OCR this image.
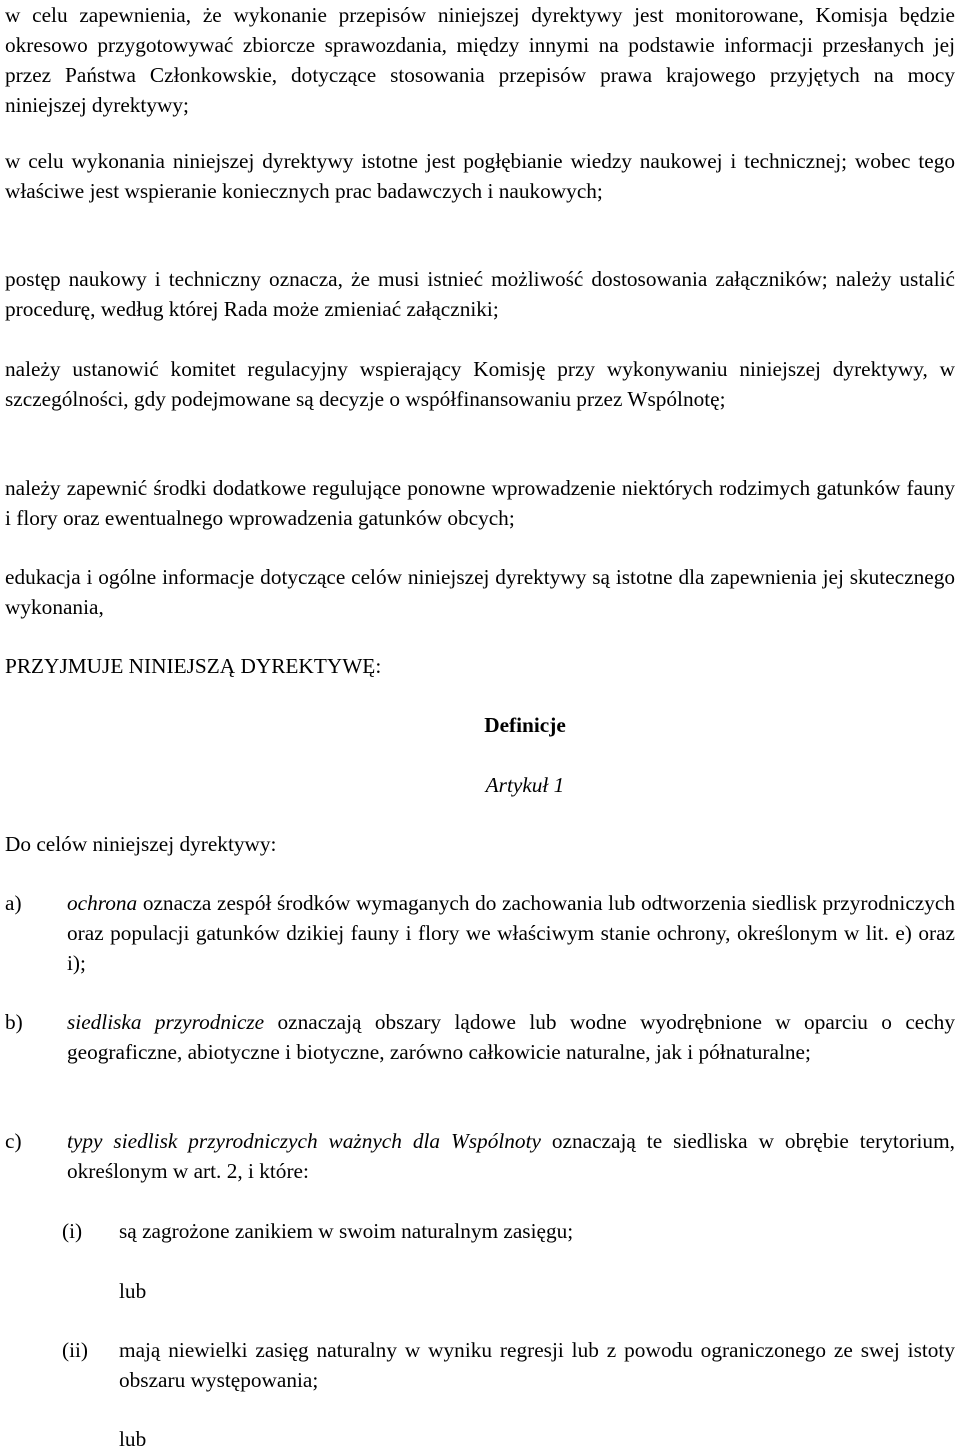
w celu zapewnienia, że wykonanie przepisów niniejszej dyrektywy jest monitorowane, Komisja będzie okresowo przygotowywać zbiorcze sprawozdania, między innymi na podstawie informacji przesłanych jej przez Państwa Członkowskie, dotyczące stosowania przepisów prawa krajowego przyjętych na mocy niniejszej dyrektywy;

w celu wykonania niniejszej dyrektywy istotne jest pogłębianie wiedzy naukowej i technicznej; wobec tego właściwe jest wspieranie koniecznych prac badawczych i naukowych;

postęp naukowy i techniczny oznacza, że musi istnieć możliwość dostosowania załączników; należy ustalić procedurę, według której Rada może zmieniać załączniki;

należy ustanowić komitet regulacyjny wspierający Komisję przy wykonywaniu niniejszej dyrektywy, w szczególności, gdy podejmowane są decyzje o współfinansowaniu przez Wspólnotę;

należy zapewnić środki dodatkowe regulujące ponowne wprowadzenie niektórych rodzimych gatunków fauny i flory oraz ewentualnego wprowadzenia gatunków obcych;

edukacja i ogólne informacje dotyczące celów niniejszej dyrektywy są istotne dla zapewnienia jej skutecznego wykonania,

PRZYJMUJE NINIEJSZĄ DYREKTYWĘ:

Definicje

Artykuł 1

Do celów niniejszej dyrektywy:

a) ochrona oznacza zespół środków wymaganych do zachowania lub odtworzenia siedlisk przyrodniczych oraz populacji gatunków dzikiej fauny i flory we właściwym stanie ochrony, określonym w lit. e) oraz i);
b) siedliska przyrodnicze oznaczają obszary lądowe lub wodne wyodrębnione w oparciu o cechy geograficzne, abiotyczne i biotyczne, zarówno całkowicie naturalne, jak i półnaturalne;
c) typy siedlisk przyrodniczych ważnych dla Wspólnoty oznaczają te siedliska w obrębie terytorium, określonym w art. 2, i które:
(i) są zagrożone zanikiem w swoim naturalnym zasięgu;

lub

(ii) mają niewielki zasięg naturalny w wyniku regresji lub z powodu ograniczonego ze swej istoty obszaru występowania;

lub
